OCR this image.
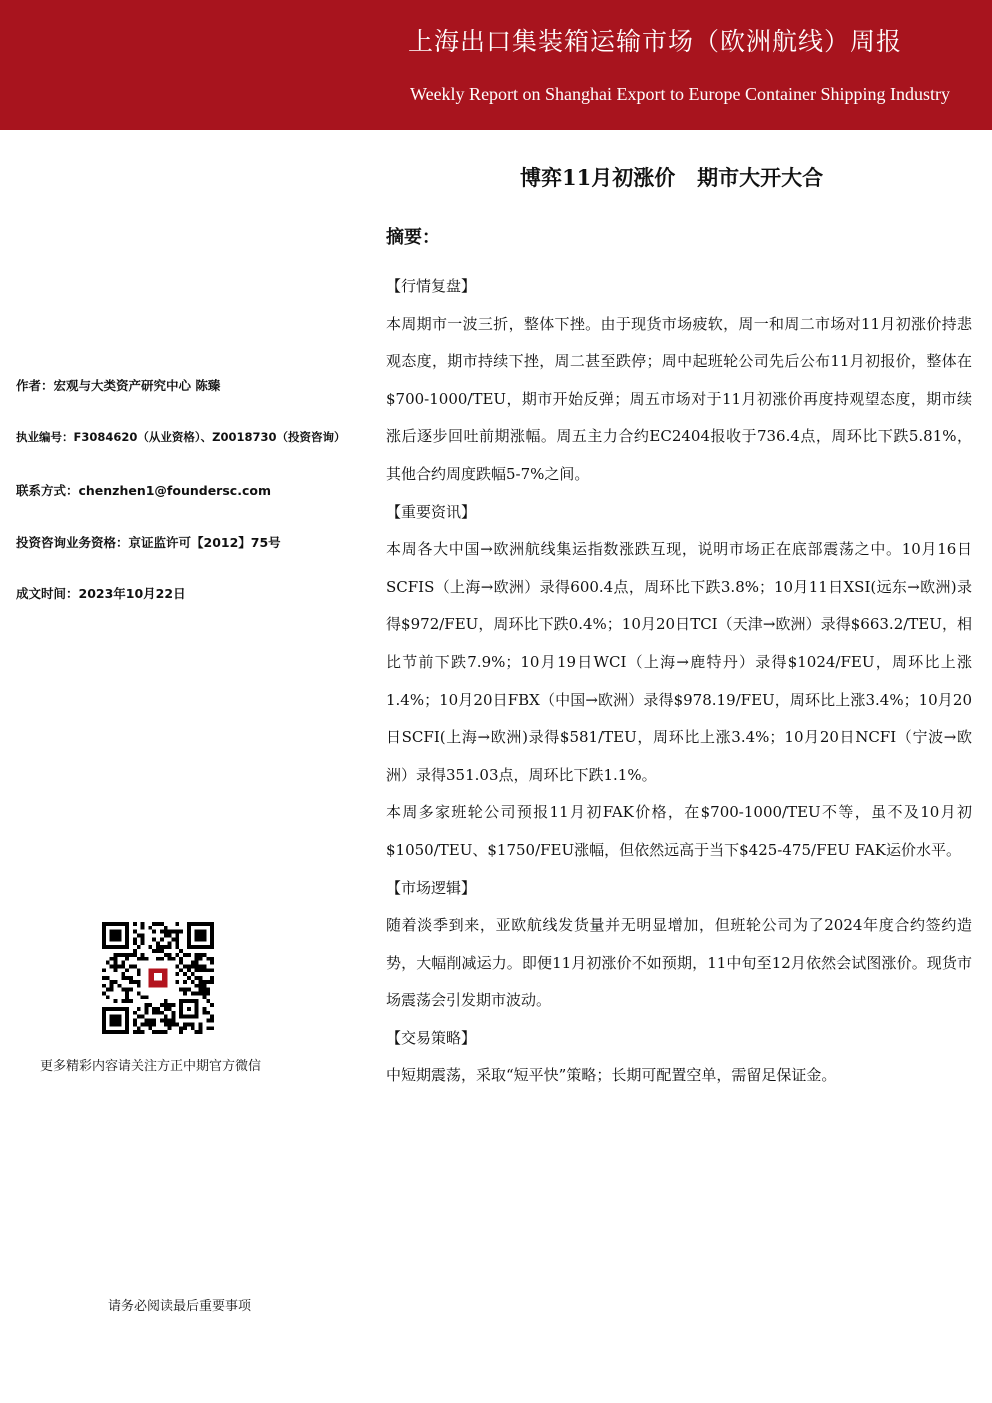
上海出口集装箱运输市场（欧洲航线）周报
Weekly Report on Shanghai Export to Europe Container Shipping Industry
博弈11月初涨价   期市大开大合
摘要：

【行情复盘】

本周期市一波三折，整体下挫。由于现货市场疲软，周一和周二市场对11月初涨价持悲观态度，期市持续下挫，周二甚至跌停；周中起班轮公司先后公布11月初报价，整体在$700-1000/TEU，期市开始反弹；周五市场对于11月初涨价再度持观望态度，期市续涨后逐步回吐前期涨幅。周五主力合约EC2404报收于736.4点，周环比下跌5.81%，其他合约周度跌幅5-7%之间。

【重要资讯】

本周各大中国→欧洲航线集运指数涨跌互现，说明市场正在底部震荡之中。10月16日SCFIS（上海→欧洲）录得600.4点，周环比下跌3.8%；10月11日XSI(远东→欧洲)录得$972/FEU，周环比下跌0.4%；10月20日TCI（天津→欧洲）录得$663.2/TEU，相比节前下跌7.9%；10月19日WCI（上海→鹿特丹）录得$1024/FEU，周环比上涨1.4%；10月20日FBX（中国→欧洲）录得$978.19/FEU，周环比上涨3.4%；10月20日SCFI(上海→欧洲)录得$581/TEU，周环比上涨3.4%；10月20日NCFI（宁波→欧洲）录得351.03点，周环比下跌1.1%。

本周多家班轮公司预报11月初FAK价格，在$700-1000/TEU不等，虽不及10月初$1050/TEU、$1750/FEU涨幅，但依然远高于当下$425-475/FEU FAK运价水平。

【市场逻辑】

随着淡季到来，亚欧航线发货量并无明显增加，但班轮公司为了2024年度合约签约造势，大幅削减运力。即便11月初涨价不如预期，11中旬至12月依然会试图涨价。现货市场震荡会引发期市波动。

【交易策略】

中短期震荡，采取“短平快”策略；长期可配置空单，需留足保证金。

作者：宏观与大类资产研究中心 陈臻
执业编号：F3084620（从业资格）、Z0018730（投资咨询）
联系方式：chenzhen1@foundersc.com
投资咨询业务资格：京证监许可【2012】75号
成文时间：2023年10月22日
更多精彩内容请关注方正中期官方微信
请务必阅读最后重要事项
